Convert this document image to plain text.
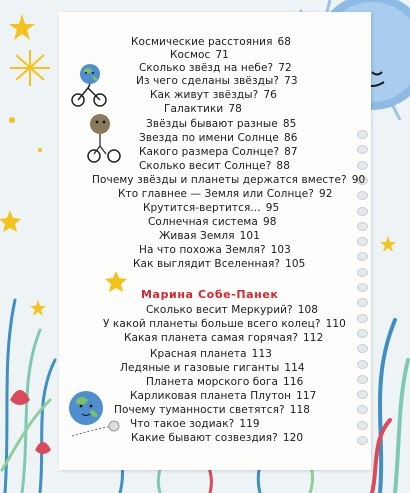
Космические расстояния 68
Космос 71
Сколько звёзд на небе? 72
Из чего сделаны звёзды? 73
Как живут звёзды? 76
Галактики 78
Звёзды бывают разные 85
Звезда по имени Солнце 86
Какого размера Солнце? 87
Сколько весит Солнце? 88
Почему звёзды и планеты держатся вместе? 90
Кто главнее — Земля или Солнце? 92
Крутится-вертится... 95
Солнечная система 98
Живая Земля 101
На что похожа Земля? 103
Как выглядит Вселенная? 105
Марина Собе-Панек
Сколько весит Меркурий? 108
У какой планеты больше всего колец? 110
Какая планета самая горячая? 112
Красная планета 113
Ледяные и газовые гиганты 114
Планета морского бога 116
Карликовая планета Плутон 117
Почему туманности светятся? 118
Что такое зодиак? 119
Какие бывают созвездия? 120
